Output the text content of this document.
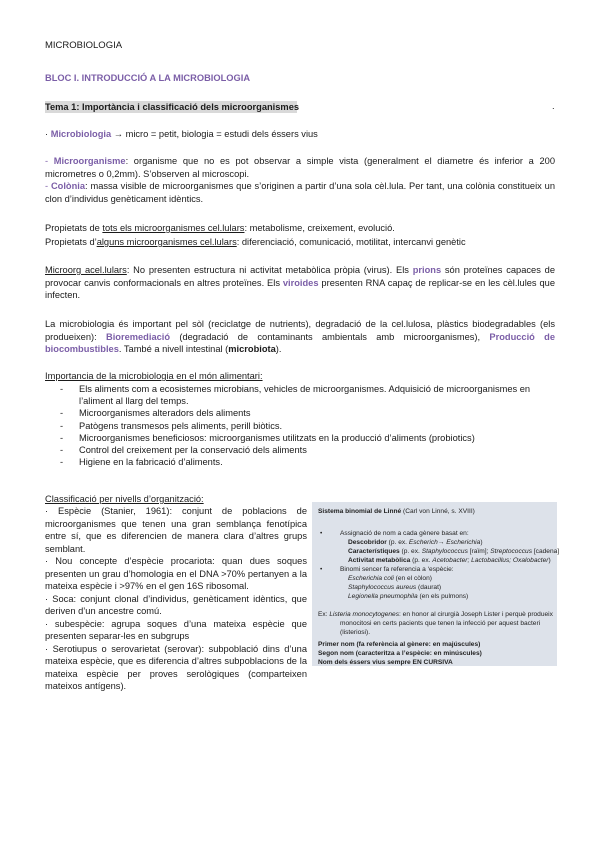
MICROBIOLOGIA
BLOC I. INTRODUCCIÓ A LA MICROBIOLOGIA
Tema 1: Importància i classificació dels microorganismes	.
· Microbiologia → micro = petit, biologia = estudi dels éssers vius
- Microorganisme: organisme que no es pot observar a simple vista (generalment el diametre és inferior a 200 micrometres o 0,2mm). S’observen al microscopi.
- Colònia: massa visible de microorganismes que s’originen a partir d’una sola cèl.lula. Per tant, una colònia constitueix un clon d’individus genèticament idèntics.
Propietats de tots els microorganismes cel.lulars: metabolisme, creixement, evolució.
Propietats d’alguns microorganismes cel.lulars: diferenciació, comunicació, motilitat, intercanvi genètic
Microorg acel.lulars: No presenten estructura ni activitat metabòlica pròpia (virus). Els prions són proteïnes capaces de provocar canvis conformacionals en altres proteïnes. Els viroides presenten RNA capaç de replicar-se en les cèl.lules que infecten.
La microbiologia és important pel sòl (reciclatge de nutrients), degradació de la cel.lulosa, plàstics biodegradables (els produeixen): Bioremediació (degradació de contaminants ambientals amb microorganismes), Producció de biocombustibles. També a nivell intestinal (microbiota).
Importancia de la microbiologia en el món alimentari:
- Els aliments com a ecosistemes microbians, vehicles de microorganismes. Adquisició de microorganismes en l’aliment al llarg del temps.
- Microorganismes alteradors dels aliments
- Patògens transmesos pels aliments, perill biòtics.
- Microorganismes beneficiosos: microorganismes utilitzats en la producció d’aliments (probiotics)
- Control del creixement per la conservació dels aliments
- Higiene en la fabricació d’aliments.
Classificació per nivells d’organització:

· Espècie (Stanier, 1961): conjunt de poblacions de microorganismes que tenen una gran semblança fenotípica entre sí, que es diferencien de manera clara d’altres grups semblant.

· Nou concepte d’espècie procariota: quan dues soques presenten un grau d’homologia en el DNA >70% pertanyen a la mateixa espècie i >97% en el gen 16S ribosomal.

· Soca: conjunt clonal d’individus, genèticament idèntics, que deriven d’un ancestre comú.

· subespècie: agrupa soques d’una mateixa espècie que presenten separar-les en subgrups

· Serotiupus o serovarietat (serovar): subpoblació dins d’una mateixa espècie, que es diferencia d’altres subpoblacions de la mateixa espècie per proves serològiques (comparteixen mateixos antígens).

Sistema binomial de Linné (Carl von Linné, s. XVIII)
•	Assignació de nom a cada gènere basat en:
Descobridor (p. ex. Escherich→ Escherichia)
Característiques (p. ex. Staphylococcus [raïm]; Streptococcus [cadena]
Activitat metabòlica (p. ex. Acetobacter; Lactobacillus; Oxalobacter)
•	Binomi sencer fa referencia a ‘espècie:
Escherichia coli (en el còlon)
Staphylococcus aureus (daurat)
Legionella pneumophila (en els pulmons)
Ex: Listeria monocytogenes: en honor al cirurgià Joseph Lister i perquè produeix
monocitosi en certs pacients que tenen la infecció per aquest bacteri
(listeriosi).
Primer nom (fa referència al gènere: en majúscules)
Segon nom (caracteritza a l’espècie: en minúscules)
Nom dels éssers vius sempre EN CURSIVA
